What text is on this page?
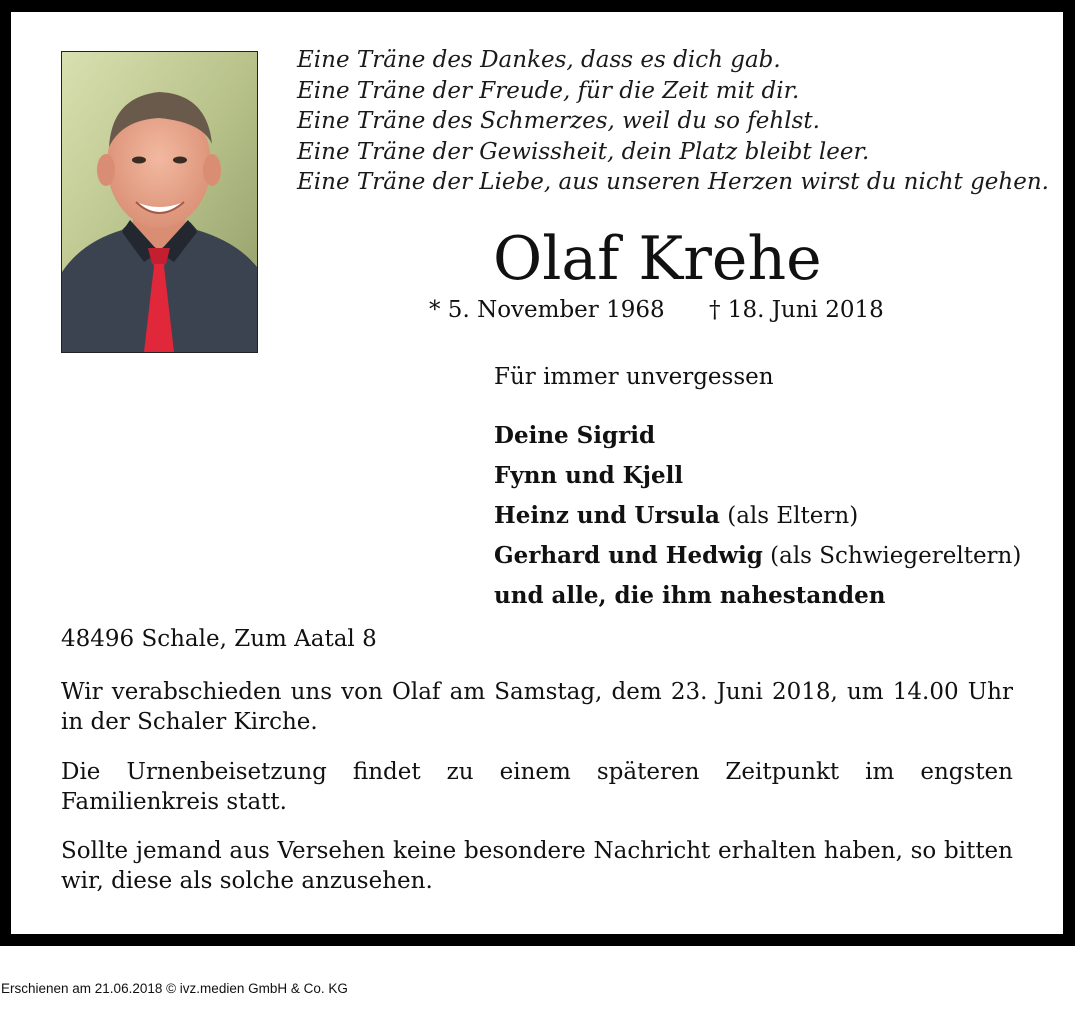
Eine Träne des Dankes, dass es dich gab.
Eine Träne der Freude, für die Zeit mit dir.
Eine Träne des Schmerzes, weil du so fehlst.
Eine Träne der Gewissheit, dein Platz bleibt leer.
Eine Träne der Liebe, aus unseren Herzen wirst du nicht gehen.
Olaf Krehe
* 5. November 1968 † 18. Juni 2018
Für immer unvergessen
Deine Sigrid
Fynn und Kjell
Heinz und Ursula (als Eltern)
Gerhard und Hedwig (als Schwiegereltern)
und alle, die ihm nahestanden
48496 Schale, Zum Aatal 8
Wir verabschieden uns von Olaf am Samstag, dem 23. Juni 2018, um 14.00 Uhr in der Schaler Kirche.
Die Urnenbeisetzung findet zu einem späteren Zeitpunkt im engsten Familienkreis statt.
Sollte jemand aus Versehen keine besondere Nachricht erhalten haben, so bitten wir, diese als solche anzusehen.
Erschienen am 21.06.2018 © ivz.medien GmbH & Co. KG
